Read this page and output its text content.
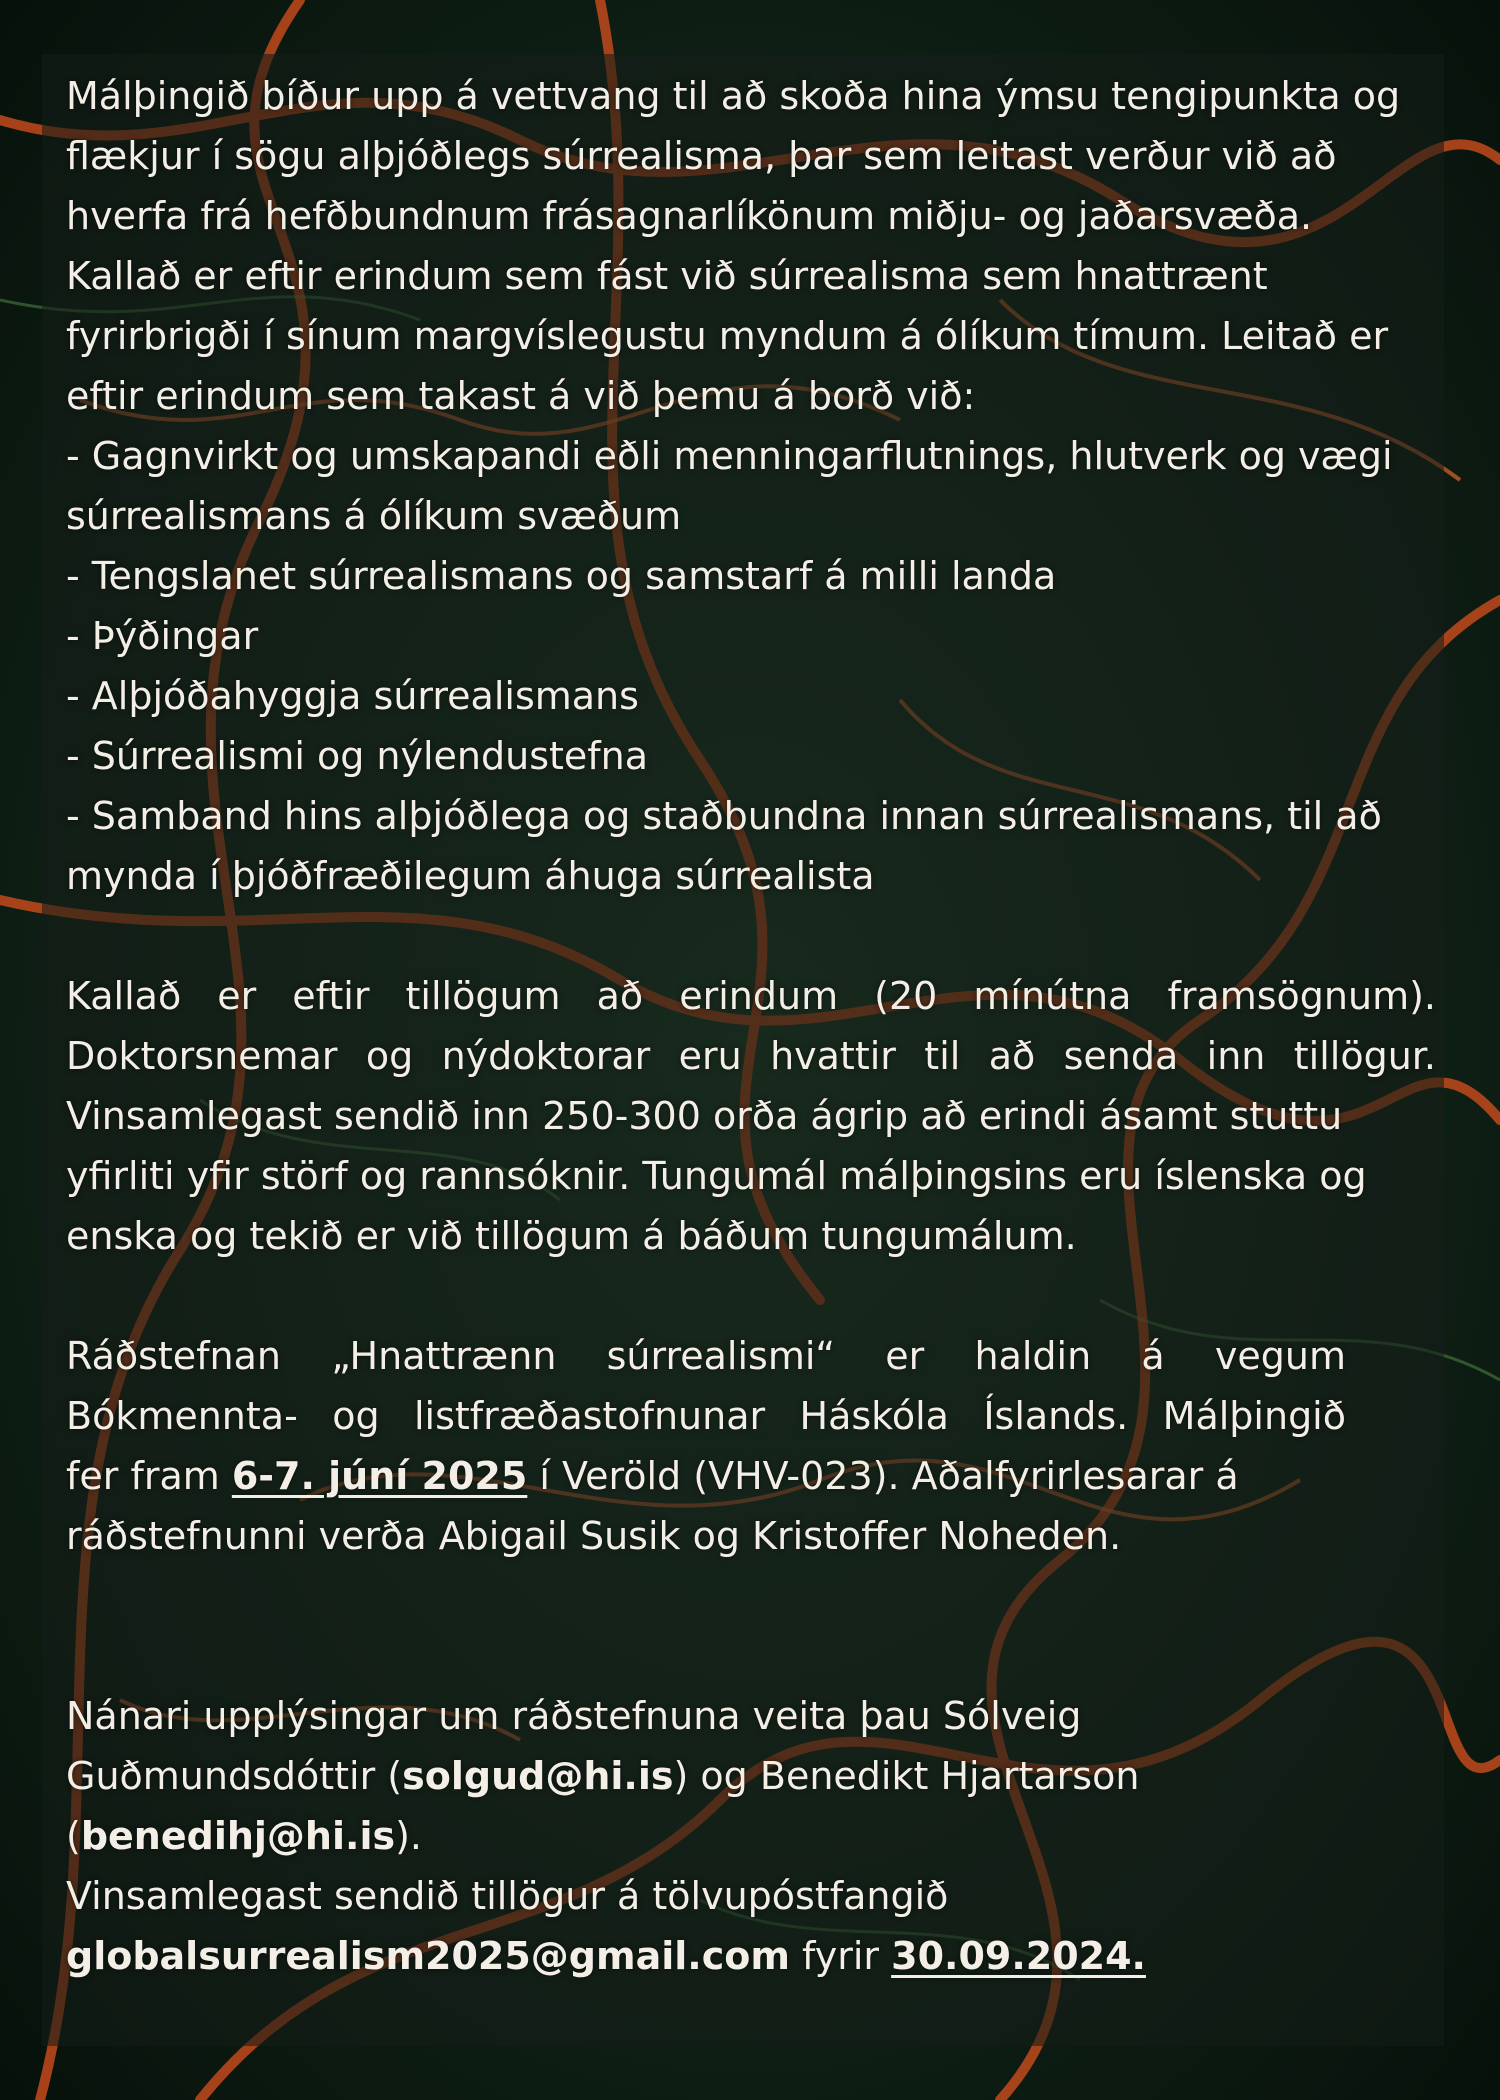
Málþingið bíður upp á vettvang til að skoða hina ýmsu tengipunkta og
flækjur í sögu alþjóðlegs súrrealisma, þar sem leitast verður við að
hverfa frá hefðbundnum frásagnarlíkönum miðju- og jaðarsvæða.
Kallað er eftir erindum sem fást við súrrealisma sem hnattrænt
fyrirbrigði í sínum margvíslegustu myndum á ólíkum tímum. Leitað er
eftir erindum sem takast á við þemu á borð við:
- Gagnvirkt og umskapandi eðli menningarflutnings, hlutverk og vægi
súrrealismans á ólíkum svæðum
- Tengslanet súrrealismans og samstarf á milli landa
- Þýðingar
- Alþjóðahyggja súrrealismans
- Súrrealismi og nýlendustefna
- Samband hins alþjóðlega og staðbundna innan súrrealismans, til að
mynda í þjóðfræðilegum áhuga súrrealista
Kallað er eftir tillögum að erindum (20 mínútna framsögnum).
Doktorsnemar og nýdoktorar eru hvattir til að senda inn tillögur.
Vinsamlegast sendið inn 250-300 orða ágrip að erindi ásamt stuttu
yfirliti yfir störf og rannsóknir. Tungumál málþingsins eru íslenska og
enska og tekið er við tillögum á báðum tungumálum.
Ráðstefnan „Hnattrænn súrrealismi“ er haldin á vegum
Bókmennta- og listfræðastofnunar Háskóla Íslands. Málþingið
fer fram 6-7. júní 2025 í Veröld (VHV-023). Aðalfyrirlesarar á
ráðstefnunni verða Abigail Susik og Kristoffer Noheden.
Nánari upplýsingar um ráðstefnuna veita þau Sólveig
Guðmundsdóttir (solgud@hi.is) og Benedikt Hjartarson
(benedihj@hi.is).
Vinsamlegast sendið tillögur á tölvupóstfangið
globalsurrealism2025@gmail.com fyrir 30.09.2024.
